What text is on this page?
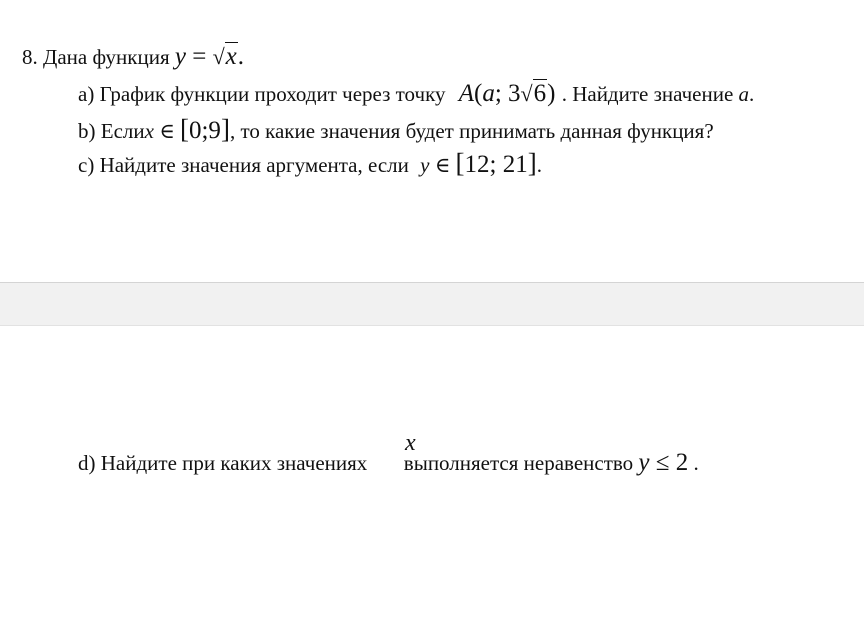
8. Дана функция y = √x.
a) График функции проходит через точку A(a; 3√6) . Найдите значение a.
b) Еслиx ∈ [0;9], то какие значения будет принимать данная функция?
c) Найдите значения аргумента, если y ∈ [12; 21].
d) Найдите при каких значениях выполняется неравенство y ≤ 2 .
x
